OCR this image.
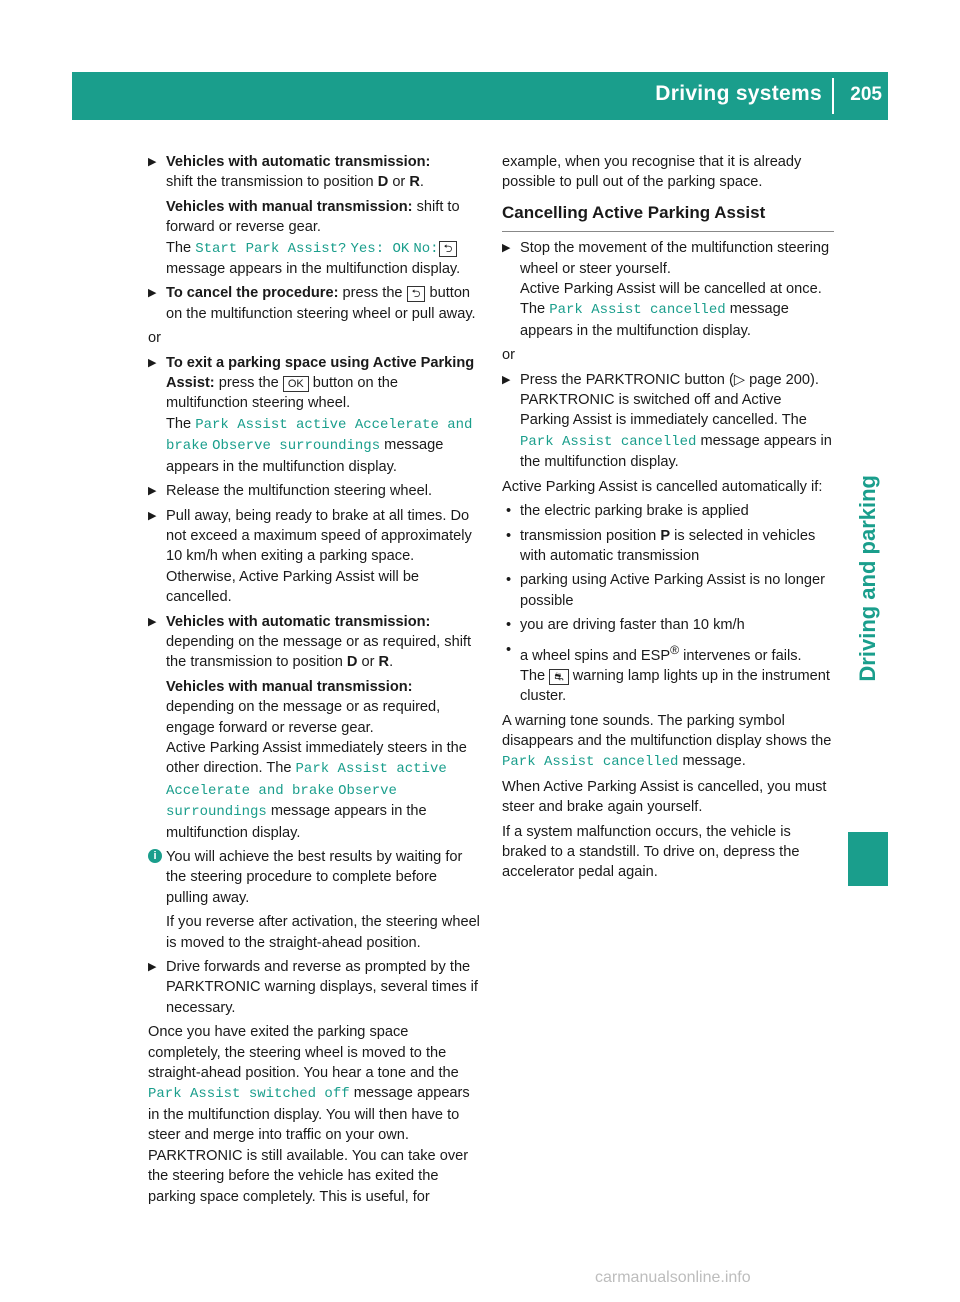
Driving systems 205
Driving and parking
▶ Vehicles with automatic transmission:
shift the transmission to position D or R.
Vehicles with manual transmission: shift to forward or reverse gear.
The Start Park Assist? Yes: OK No: ⮌
message appears in the multifunction display.
▶ To cancel the procedure: press the ⮌ button on the multifunction steering wheel or pull away.
or
▶ To exit a parking space using Active Parking Assist: press the OK button on the multifunction steering wheel.
The Park Assist active Accelerate and brake Observe surroundings message appears in the multifunction display.
▶ Release the multifunction steering wheel.
▶ Pull away, being ready to brake at all times. Do not exceed a maximum speed of approximately 10 km/h when exiting a parking space. Otherwise, Active Parking Assist will be cancelled.
▶ Vehicles with automatic transmission: depending on the message or as required, shift the transmission to position D or R.
Vehicles with manual transmission: depending on the message or as required, engage forward or reverse gear.
Active Parking Assist immediately steers in the other direction. The Park Assist active Accelerate and brake Observe surroundings message appears in the multifunction display.
i You will achieve the best results by waiting for the steering procedure to complete before pulling away.
If you reverse after activation, the steering wheel is moved to the straight-ahead position.
▶ Drive forwards and reverse as prompted by the PARKTRONIC warning displays, several times if necessary.
Once you have exited the parking space completely, the steering wheel is moved to the straight-ahead position. You hear a tone and the Park Assist switched off message appears in the multifunction display. You will then have to steer and merge into traffic on your own. PARKTRONIC is still available. You can take over the steering before the vehicle has exited the parking space completely. This is useful, for
example, when you recognise that it is already possible to pull out of the parking space.
Cancelling Active Parking Assist
▶ Stop the movement of the multifunction steering wheel or steer yourself.
Active Parking Assist will be cancelled at once. The Park Assist cancelled message appears in the multifunction display.
or
▶ Press the PARKTRONIC button (▷ page 200). PARKTRONIC is switched off and Active Parking Assist is immediately cancelled. The Park Assist cancelled message appears in the multifunction display.
Active Parking Assist is cancelled automatically if:
• the electric parking brake is applied
• transmission position P is selected in vehicles with automatic transmission
• parking using Active Parking Assist is no longer possible
• you are driving faster than 10 km/h
• a wheel spins and ESP® intervenes or fails.
The ⛐ warning lamp lights up in the instrument cluster.
A warning tone sounds. The parking symbol disappears and the multifunction display shows the Park Assist cancelled message.
When Active Parking Assist is cancelled, you must steer and brake again yourself.
If a system malfunction occurs, the vehicle is braked to a standstill. To drive on, depress the accelerator pedal again.
carmanualsonline.info
